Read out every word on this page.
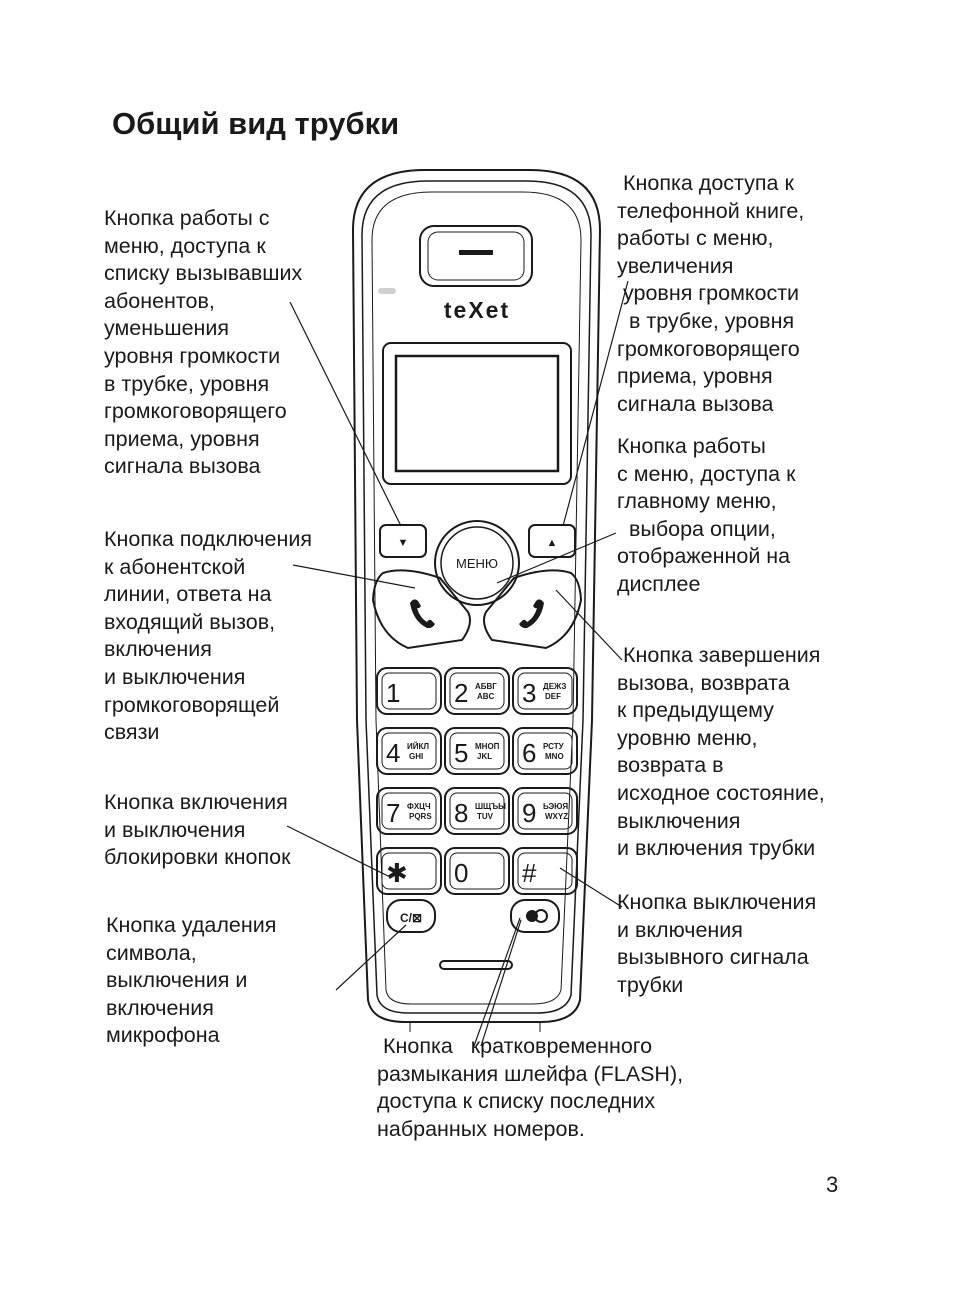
Общий вид трубки
Кнопка работы с
меню, доступа к
списку вызывавших
абонентов,
уменьшения
уровня громкости
в трубке, уровня
громкоговорящего
приема, уровня
сигнала вызова
Кнопка подключения
к абонентской
линии, ответа на
входящий вызов,
включения
и выключения
громкоговорящей
связи
Кнопка включения
и выключения
блокировки кнопок
Кнопка удаления
символа,
выключения и
включения
микрофона
Кнопка доступа к
телефонной книге,
работы с меню,
увеличения
уровня громкости
в трубке, уровня
громкоговорящего
приема, уровня
сигнала вызова
Кнопка работы
с меню, доступа к
главному меню,
выбора опции,
отображенной на
дисплее
Кнопка завершения
вызова, возврата
к предыдущему
уровню меню,
возврата в
исходное состояние,
выключения
и включения трубки
Кнопка выключения
и включения
вызывного сигнала
трубки
Кнопка   кратковременного
размыкания шлейфа (FLASH),
доступа к списку последних
набранных номеров.
teXet
МЕНЮ
▼	▲
C/⊠
1 2 АБВГ
ABC 3 ДЕЖЗ
DEF
4 ИЙКЛ
GHI 5 МНОП
JKL 6 РСТУ
MNO
7 ФХЦЧ
PQRS 8 ШЩЪЫ
TUV 9 ЬЭЮЯ
WXYZ
✱ 0 #
3
